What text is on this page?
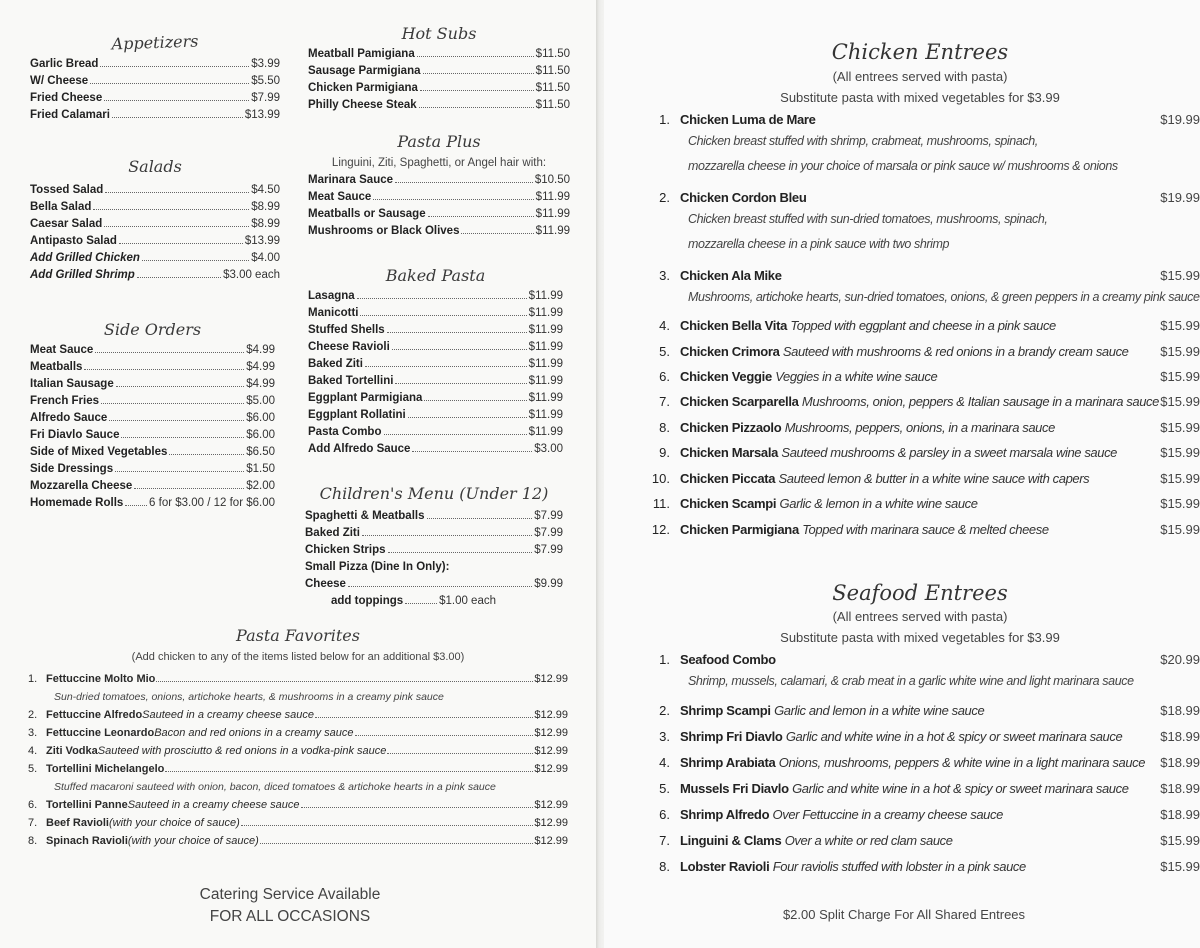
Appetizers
Garlic Bread	$3.99
W/ Cheese	$5.50
Fried Cheese	$7.99
Fried Calamari	$13.99
Salads
Tossed Salad	$4.50
Bella Salad	$8.99
Caesar Salad	$8.99
Antipasto Salad	$13.99
Add Grilled Chicken	$4.00
Add Grilled Shrimp	$3.00 each
Side Orders
Meat Sauce	$4.99
Meatballs	$4.99
Italian Sausage	$4.99
French Fries	$5.00
Alfredo Sauce	$6.00
Fri Diavlo Sauce	$6.00
Side of Mixed Vegetables	$6.50
Side Dressings	$1.50
Mozzarella Cheese	$2.00
Homemade Rolls 6 for $3.00 / 12 for $6.00
Hot Subs
Meatball Pamigiana	$11.50
Sausage Parmigiana	$11.50
Chicken Parmigiana	$11.50
Philly Cheese Steak	$11.50
Pasta Plus
Linguini, Ziti, Spaghetti, or Angel hair with:
Marinara Sauce	$10.50
Meat Sauce	$11.99
Meatballs or Sausage	$11.99
Mushrooms or Black Olives	$11.99
Baked Pasta
Lasagna	$11.99
Manicotti	$11.99
Stuffed Shells	$11.99
Cheese Ravioli	$11.99
Baked Ziti	$11.99
Baked Tortellini	$11.99
Eggplant Parmigiana	$11.99
Eggplant Rollatini	$11.99
Pasta Combo	$11.99
Add Alfredo Sauce	$3.00
Children's Menu (Under 12)
Spaghetti & Meatballs	$7.99
Baked Ziti	$7.99
Chicken Strips	$7.99
Small Pizza (Dine In Only):
Cheese	$9.99
add toppings	$1.00 each
Pasta Favorites
(Add chicken to any of the items listed below for an additional $3.00)
1. Fettuccine Molto Mio	$12.99
Sun-dried tomatoes, onions, artichoke hearts, & mushrooms in a creamy pink sauce
2. Fettuccine Alfredo Sauteed in a creamy cheese sauce	$12.99
3. Fettuccine Leonardo Bacon and red onions in a creamy sauce	$12.99
4. Ziti Vodka Sauteed with prosciutto & red onions in a vodka-pink sauce	$12.99
5. Tortellini Michelangelo	$12.99
Stuffed macaroni sauteed with onion, bacon, diced tomatoes & artichoke hearts in a pink sauce
6. Tortellini Panne Sauteed in a creamy cheese sauce	$12.99
7. Beef Ravioli (with your choice of sauce)	$12.99
8. Spinach Ravioli (with your choice of sauce)	$12.99
Catering Service Available
FOR ALL OCCASIONS
Chicken Entrees
(All entrees served with pasta)
Substitute pasta with mixed vegetables for $3.99
1. Chicken Luma de Mare	$19.99
Chicken breast stuffed with shrimp, crabmeat, mushrooms, spinach,
mozzarella cheese in your choice of marsala or pink sauce w/ mushrooms & onions
2. Chicken Cordon Bleu	$19.99
Chicken breast stuffed with sun-dried tomatoes, mushrooms, spinach,
mozzarella cheese in a pink sauce with two shrimp
3. Chicken Ala Mike	$15.99
Mushrooms, artichoke hearts, sun-dried tomatoes, onions, & green peppers in a creamy pink sauce
4. Chicken Bella Vita Topped with eggplant and cheese in a pink sauce	$15.99
5. Chicken Crimora Sauteed with mushrooms & red onions in a brandy cream sauce $15.99
6. Chicken Veggie Veggies in a white wine sauce	$15.99
7. Chicken Scarparella Mushrooms, onion, peppers & Italian sausage in a marinara sauce $15.99
8. Chicken Pizzaolo Mushrooms, peppers, onions, in a marinara sauce	$15.99
9. Chicken Marsala Sauteed mushrooms & parsley in a sweet marsala wine sauce	$15.99
10. Chicken Piccata Sauteed lemon & butter in a white wine sauce with capers	$15.99
11. Chicken Scampi Garlic & lemon in a white wine sauce	$15.99
12. Chicken Parmigiana Topped with marinara sauce & melted cheese	$15.99
Seafood Entrees
(All entrees served with pasta)
Substitute pasta with mixed vegetables for $3.99
1. Seafood Combo	$20.99
Shrimp, mussels, calamari, & crab meat in a garlic white wine and light marinara sauce
2. Shrimp Scampi Garlic and lemon in a white wine sauce	$18.99
3. Shrimp Fri Diavlo Garlic and white wine in a hot & spicy or sweet marinara sauce	$18.99
4. Shrimp Arabiata Onions, mushrooms, peppers & white wine in a light marinara sauce $18.99
5. Mussels Fri Diavlo Garlic and white wine in a hot & spicy or sweet marinara sauce $18.99
6. Shrimp Alfredo Over Fettuccine in a creamy cheese sauce	$18.99
7. Linguini & Clams Over a white or red clam sauce	$15.99
8. Lobster Ravioli Four raviolis stuffed with lobster in a pink sauce	$15.99
$2.00 Split Charge For All Shared Entrees
